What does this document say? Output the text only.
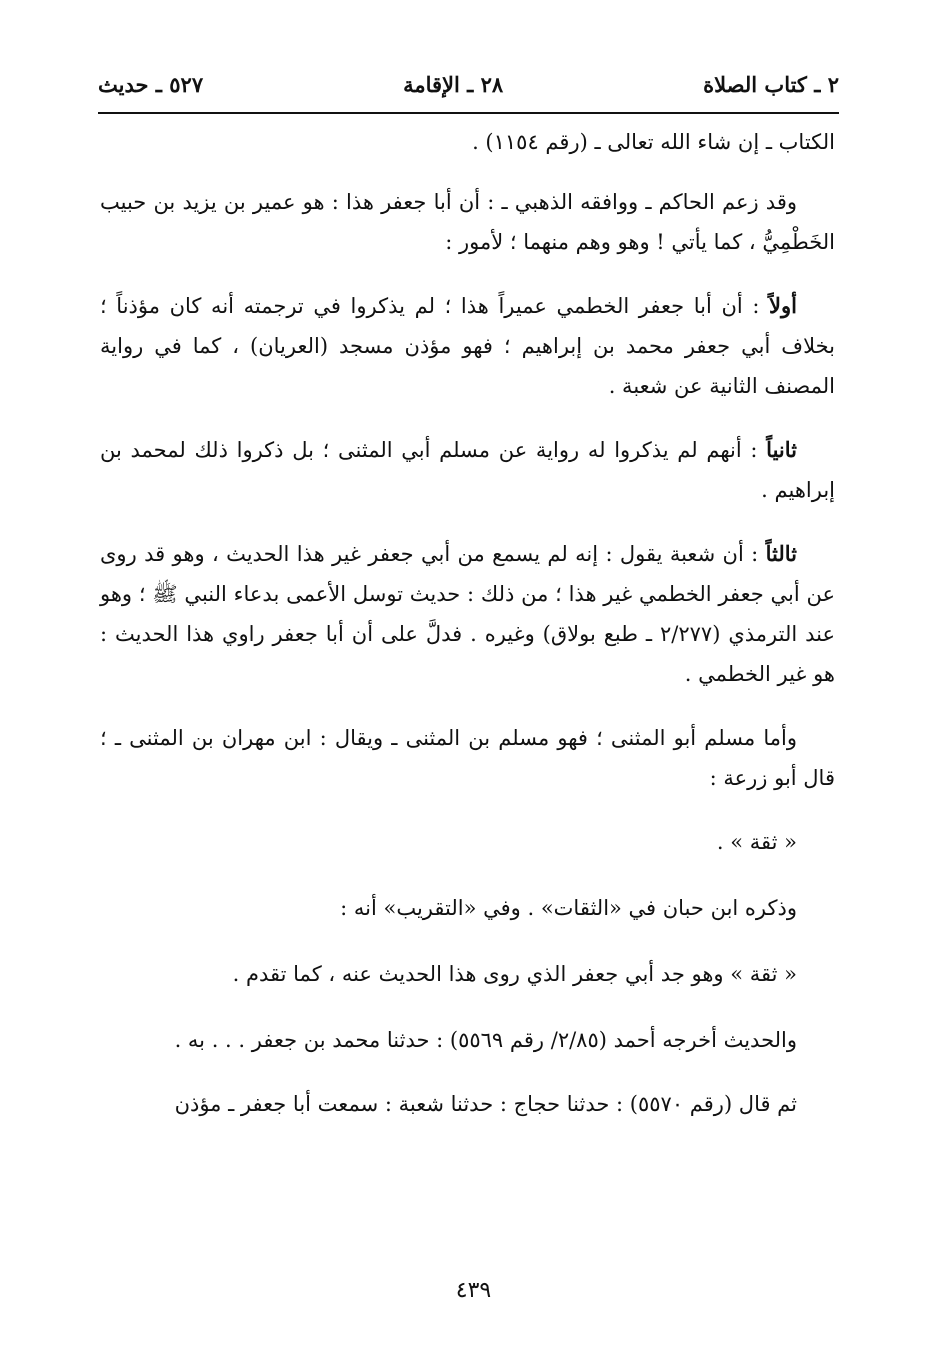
٢ ـ كتاب الصلاة
٢٨ ـ الإقامة
٥٢٧ ـ حديث

الكتاب ـ إن شاء الله تعالى ـ (رقم ١١٥٤) .

وقد زعم الحاكم ـ ووافقه الذهبي ـ : أن أبا جعفر هذا : هو عمير بن يزيد بن حبيب الخَطْمِيُّ ، كما يأتي ! وهو وهم منهما ؛ لأمور :

أولاً : أن أبا جعفر الخطمي عميراً هذا ؛ لم يذكروا في ترجمته أنه كان مؤذناً ؛ بخلاف أبي جعفر محمد بن إبراهيم ؛ فهو مؤذن مسجد (العريان) ، كما في رواية المصنف الثانية عن شعبة .

ثانياً : أنهم لم يذكروا له رواية عن مسلم أبي المثنى ؛ بل ذكروا ذلك لمحمد بن إبراهيم .

ثالثاً : أن شعبة يقول : إنه لم يسمع من أبي جعفر غير هذا الحديث ، وهو قد روى عن أبي جعفر الخطمي غير هذا ؛ من ذلك : حديث توسل الأعمى بدعاء النبي ﷺ ؛ وهو عند الترمذي (٢/٢٧٧ ـ طبع بولاق) وغيره . فدلَّ على أن أبا جعفر راوي هذا الحديث : هو غير الخطمي .

وأما مسلم أبو المثنى ؛ فهو مسلم بن المثنى ـ ويقال : ابن مهران بن المثنى ـ ؛ قال أبو زرعة :

« ثقة » .

وذكره ابن حبان في «الثقات» . وفي «التقريب» أنه :

« ثقة » وهو جد أبي جعفر الذي روى هذا الحديث عنه ، كما تقدم .

والحديث أخرجه أحمد (٢/٨٥/ رقم ٥٥٦٩) : حدثنا محمد بن جعفر . . . به .

ثم قال (رقم ٥٥٧٠) : حدثنا حجاج : حدثنا شعبة : سمعت أبا جعفر ـ مؤذن

٤٣٩
